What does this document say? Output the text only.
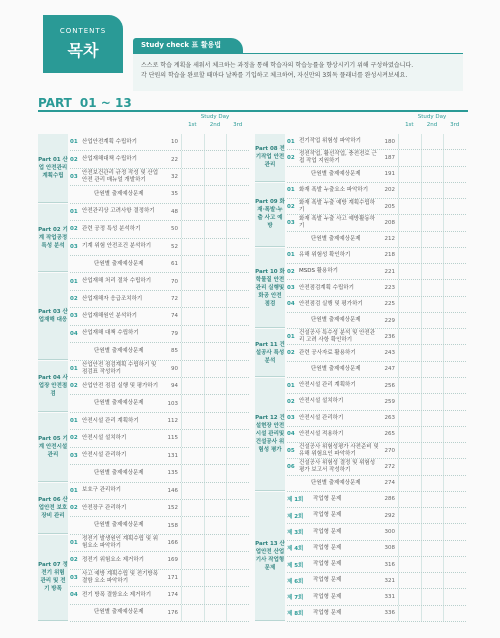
CONTENTS
목차	Study check 표 활용법
스스로 학습 계획을 세워서 체크하는 과정을 통해 학습자의 학습능률을 향상시키기 위해 구성하였습니다.
각 단원의 학습을 완료할 때마다 날짜를 기입하고 체크하여, 자신만의 3회독 플래너를 완성시켜보세요.
PART 01 ~ 13
Study Day
1st	2nd	3rd
Study Day
1st	2nd	3rd
Part 01 산업 안전관리 계획수립
01 산업안전계획 수립하기	10
02 산업재해대책 수립하기	22
03
안전보건관리 규정 작성 및 산업안전 관리 매뉴얼 개발하기	32
단원별 출제예상문제	35
Part 02 기계 작업공정 특성 분석
01 안전관리상 고려사항 결정하기	48
02 관련 공정 특성 분석하기	50
03 기계 위험 안전조건 분석하기	52
단원별 출제예상문제	61
Part 03 산업재해 대응
01 산업재해 처리 절차 수립하기	70
02 산업재해자 응급조치하기	72
03 산업재해원인 분석하기	74
04 산업재해 대책 수립하기	79
단원별 출제예상문제	85
Part 04 사업장 안전점검
01
산업안전 점검계획 수립하기 및 점검표 작성하기	90
02 산업안전 점검 실행 및 평가하기	94
단원별 출제예상문제	103
Part 05 기계 안전시설 관리
01 안전시설 관리 계획하기	112
02 안전시설 설치하기	115
03 안전시설 관리하기	131
단원별 출제예상문제	135
Part 06 산업안전 보호장비 관리
01 보호구 관리하기	146
02 안전장구 관리하기	152
단원별 출제예상문제	158
Part 07 정전기 위험 관리 및 전기 방폭
01
정전기 발생원인 계획수립 및 위험요소 파악하기	166
02 정전기 위험요소 제거하기	169
03
사고 예방 계획수립 및 전기방폭 결함 요소 파악하기	171
04 전기 방폭 결함요소 제거하기	174
단원별 출제예상문제	176
Part 08 전기작업 안전관리
01 전기작업 위험성 파악하기	180
02
정전작업, 활선작업, 충전전로 근접 작업 지원하기	187
단원별 출제예상문제	191
Part 09 화재·폭발·누출 사고 예방
01 화재 폭발 누출요소 파악하기	202
02
화재 폭발 누출 예방 계획수립하기	205
03
화재 폭발 누출 사고 예방활동하기	208
단원별 출제예상문제	212
Part 10 화학물질 안전관리 실행및 화공 안전 점검
01 유해 위험성 확인하기	218
02 MSDS 활용하기	221
03 안전점검계획 수립하기	223
04 안전점검 실행 및 평가하기	225
단원별 출제예상문제	229
Part 11 건설공사 특성분석
01
건설공사 특수성 분석 및 안전관리 고려 사항 확인하기	236
02 관련 공사자료 활용하기	243
단원별 출제예상문제	247
Part 12 건설현장 안전시설 관리및 건설공사 위험성 평가
01 안전시설 관리 계획하기	256
02 안전시설 설치하기	259
03 안전시설 관리하기	263
04 안전시설 적용하기	265
05
건설공사 위험성평가 사전준비 및 유해 위험요인 파악하기	270
06
건설공사 위험성 결정 및 위험성평가 보고서 작성하기	272
단원별 출제예상문제	274
Part 13 산업안전 산업기사 작업형 문제
제 1회	작업형 문제	286
제 2회	작업형 문제	292
제 3회	작업형 문제	300
제 4회	작업형 문제	308
제 5회	작업형 문제	316
제 6회	작업형 문제	321
제 7회	작업형 문제	331
제 8회	작업형 문제	336
